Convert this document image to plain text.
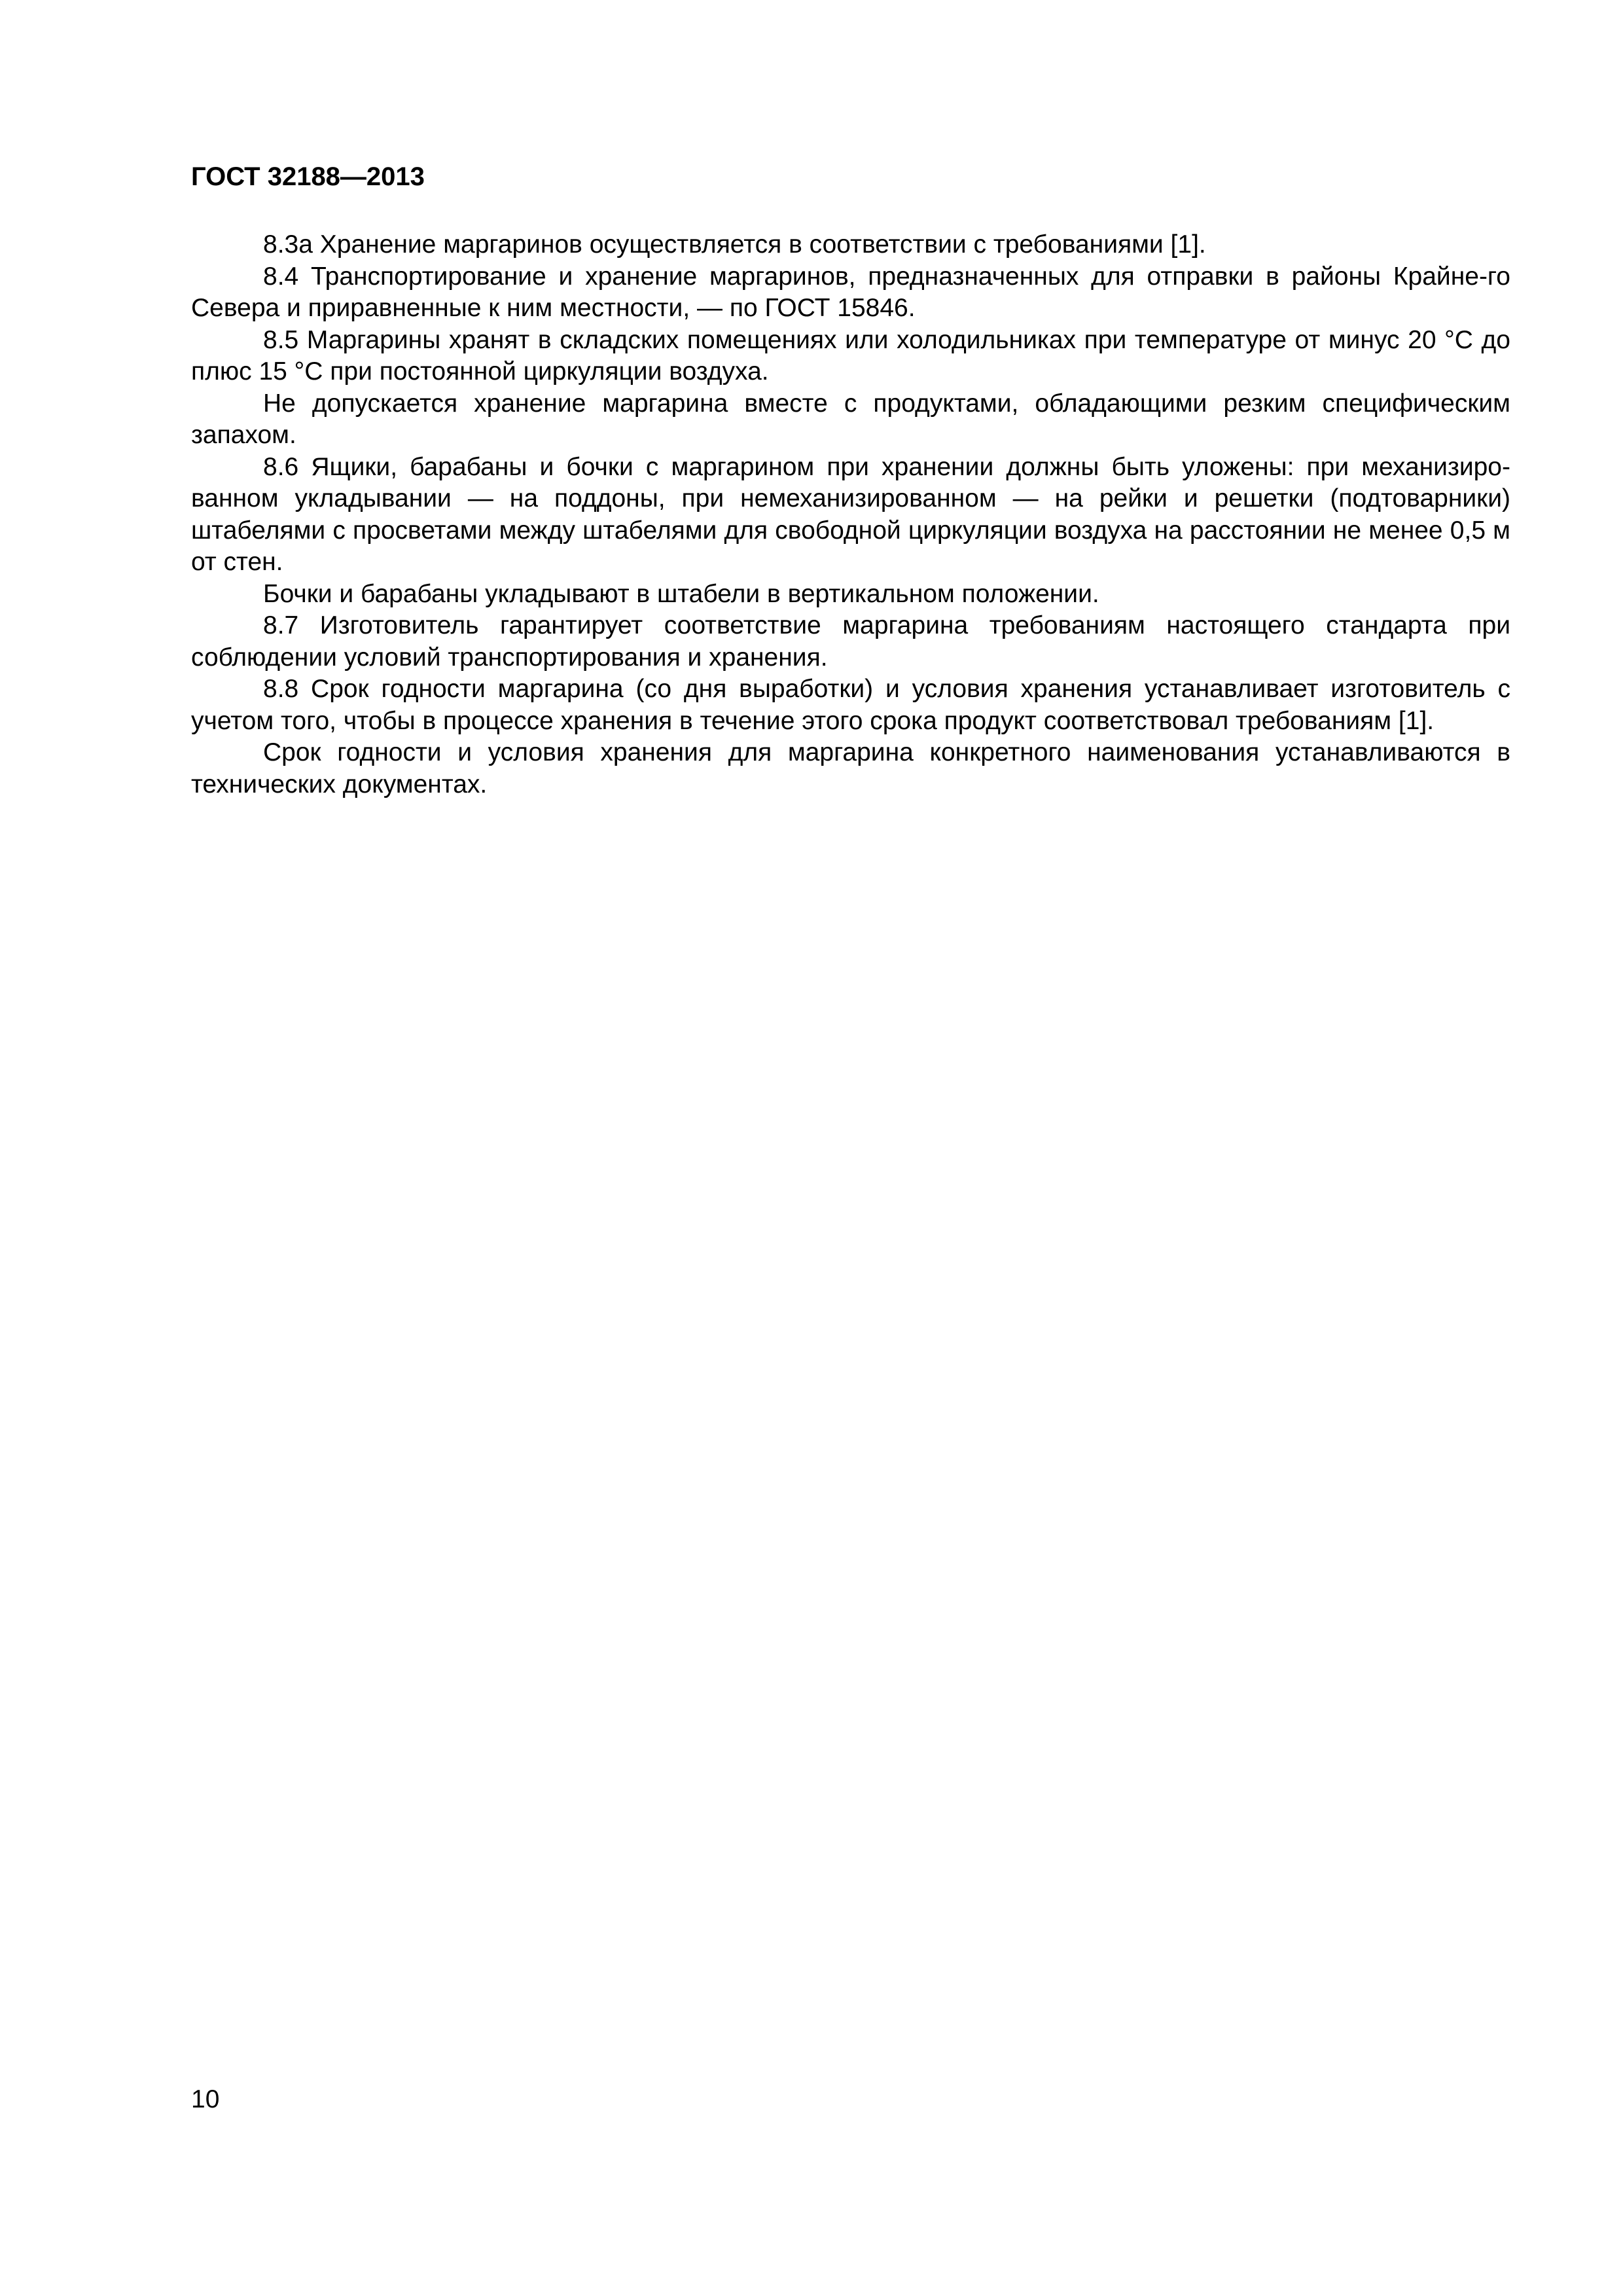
ГОСТ 32188—2013

8.3а Хранение маргаринов осуществляется в соответствии с требованиями [1].

8.4 Транспортирование и хранение маргаринов, предназначенных для отправки в районы Крайне-го Севера и приравненные к ним местности, — по ГОСТ 15846.

8.5 Маргарины хранят в складских помещениях или холодильниках при температуре от минус 20 °С до плюс 15 °С при постоянной циркуляции воздуха.

Не допускается хранение маргарина вместе с продуктами, обладающими резким специфическим запахом.

8.6 Ящики, барабаны и бочки с маргарином при хранении должны быть уложены: при механизиро-ванном укладывании — на поддоны, при немеханизированном — на рейки и решетки (подтоварники) штабелями с просветами между штабелями для свободной циркуляции воздуха на расстоянии не менее 0,5 м от стен.

Бочки и барабаны укладывают в штабели в вертикальном положении.

8.7 Изготовитель гарантирует соответствие маргарина требованиям настоящего стандарта при соблюдении условий транспортирования и хранения.

8.8 Срок годности маргарина (со дня выработки) и условия хранения устанавливает изготовитель с учетом того, чтобы в процессе хранения в течение этого срока продукт соответствовал требованиям [1].

Срок годности и условия хранения для маргарина конкретного наименования устанавливаются в технических документах.

10
